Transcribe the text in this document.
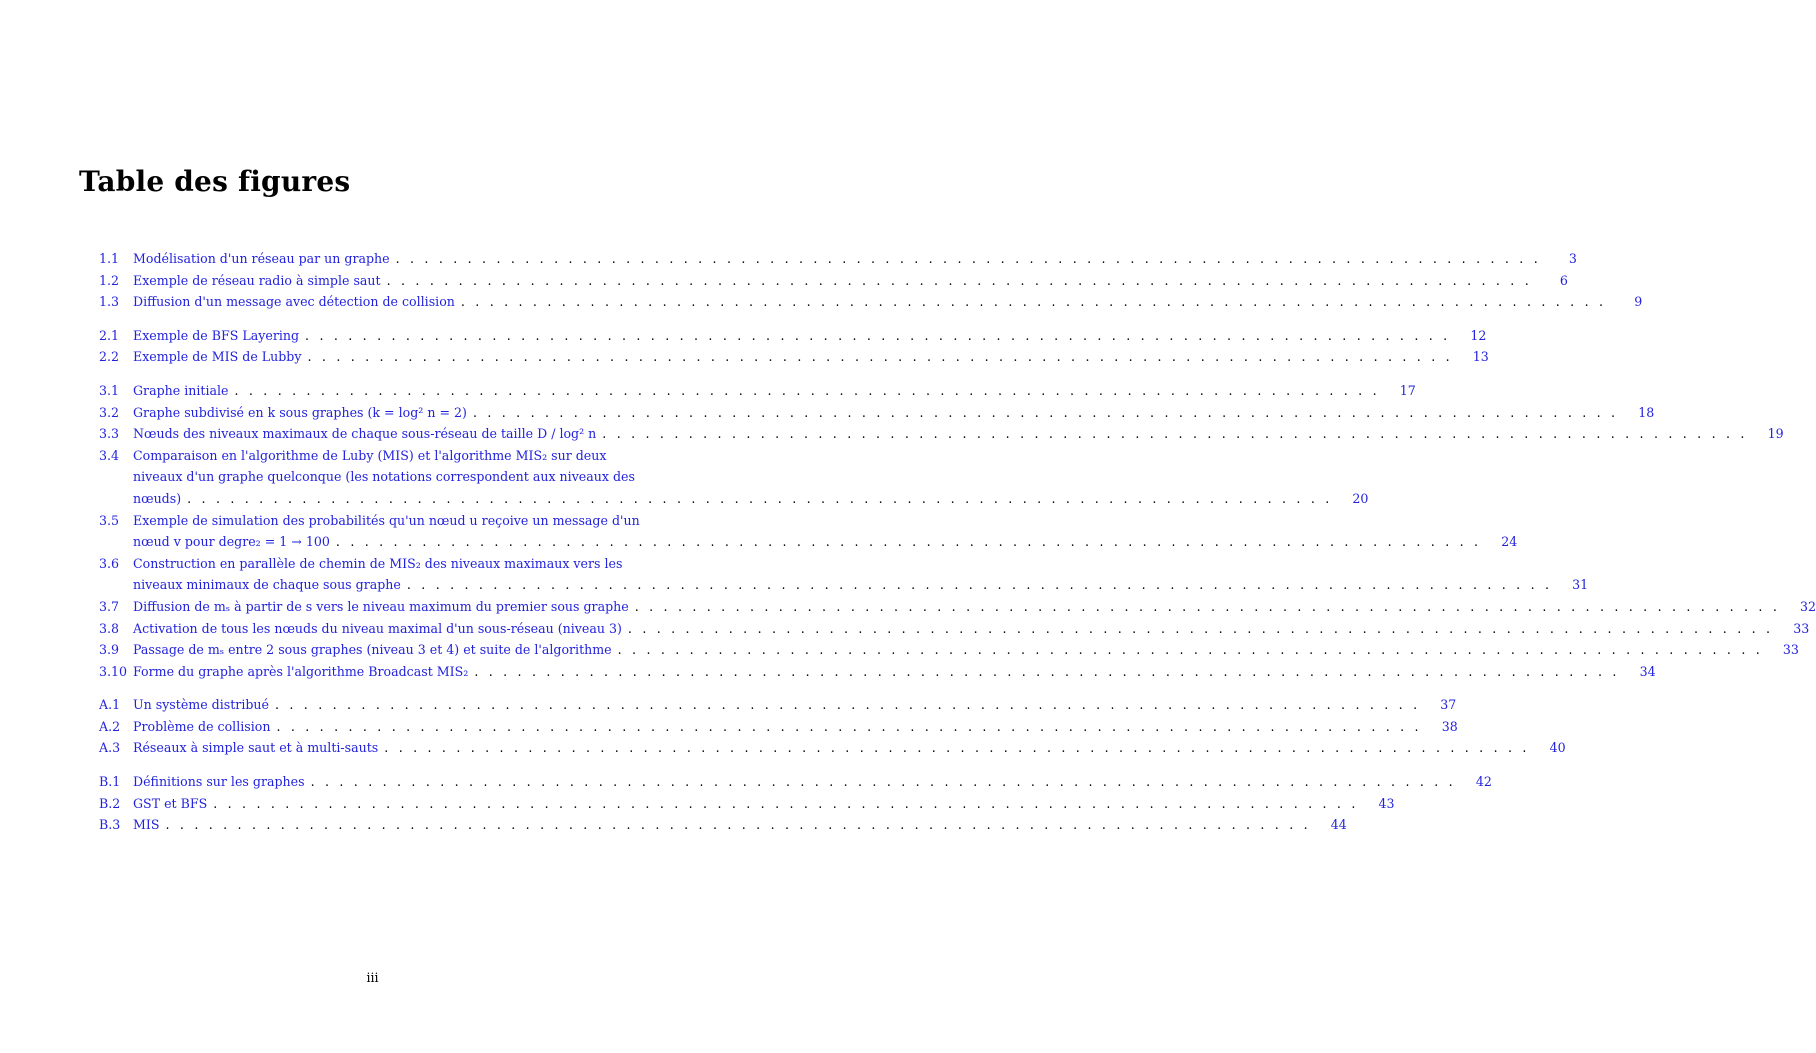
Table des figures
1.1	Modélisation d'un réseau par un graphe . . .	3
1.2	Exemple de réseau radio à simple saut . . .	6
1.3	Diffusion d'un message avec détection de collision . . .	9
2.1	Exemple de BFS Layering . . .	12
2.2	Exemple de MIS de Lubby . . .	13
3.1	Graphe initiale . . .	17
3.2	Graphe subdivisé en k sous graphes (k = log² n = 2) . . .	18
3.3	Nœuds des niveaux maximaux de chaque sous-réseau de taille D / log² n . . .	19
3.4	Comparaison en l'algorithme de Luby (MIS) et l'algorithme MIS₂ sur deux
niveaux d'un graphe quelconque (les notations correspondent aux niveaux des
nœuds) . . .	20
3.5	Exemple de simulation des probabilités qu'un nœud u reçoive un message d'un
nœud v pour degre₂ = 1 → 100 . . .	24
3.6	Construction en parallèle de chemin de MIS₂ des niveaux maximaux vers les
niveaux minimaux de chaque sous graphe . . .	31
3.7	Diffusion de mₛ à partir de s vers le niveau maximum du premier sous graphe . . .	32
3.8	Activation de tous les nœuds du niveau maximal d'un sous-réseau (niveau 3) . . .	33
3.9	Passage de mₛ entre 2 sous graphes (niveau 3 et 4) et suite de l'algorithme . . .	33
3.10 Forme du graphe après l'algorithme Broadcast MIS₂ . . .	34
A.1	Un système distribué . . .	37
A.2	Problème de collision . . .	38
A.3	Réseaux à simple saut et à multi-sauts . . .	40
B.1	Définitions sur les graphes . . .	42
B.2	GST et BFS . . .	43
B.3	MIS . . .	44
iii
